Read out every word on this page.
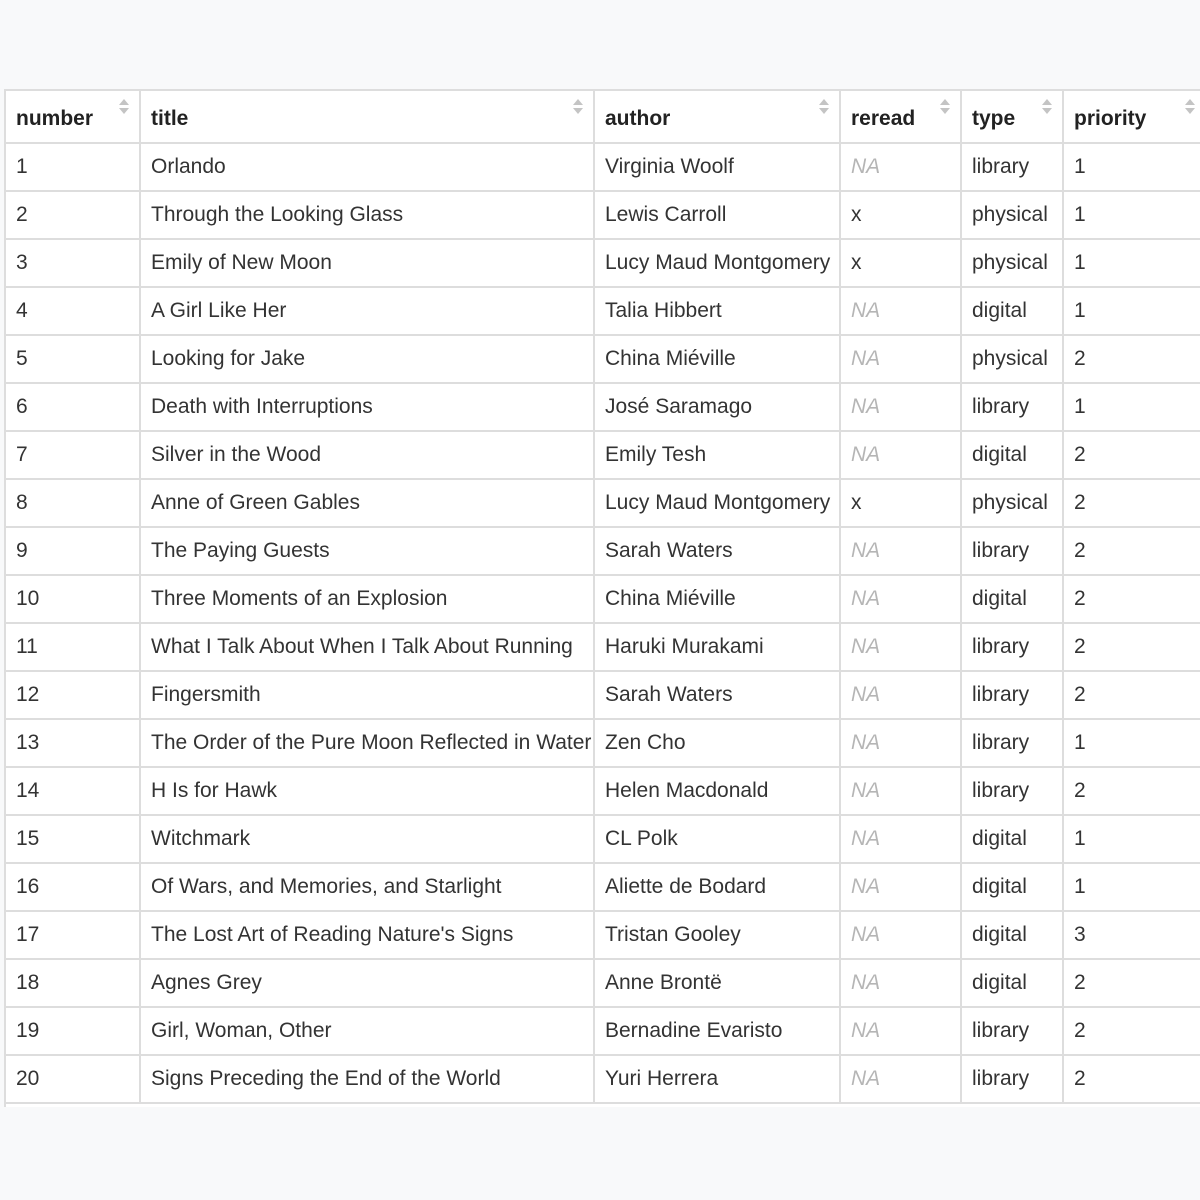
number	title	author	reread	type	priority

1	Orlando	Virginia Woolf	NA	library	1
2	Through the Looking Glass	Lewis Carroll	x	physical	1
3	Emily of New Moon	Lucy Maud Montgomery	x	physical	1
4	A Girl Like Her	Talia Hibbert	NA	digital	1
5	Looking for Jake	China Miéville	NA	physical	2
6	Death with Interruptions	José Saramago	NA	library	1
7	Silver in the Wood	Emily Tesh	NA	digital	2
8	Anne of Green Gables	Lucy Maud Montgomery	x	physical	2
9	The Paying Guests	Sarah Waters	NA	library	2
10	Three Moments of an Explosion	China Miéville	NA	digital	2
11	What I Talk About When I Talk About Running	Haruki Murakami	NA	library	2
12	Fingersmith	Sarah Waters	NA	library	2
13	The Order of the Pure Moon Reflected in Water	Zen Cho	NA	library	1
14	H Is for Hawk	Helen Macdonald	NA	library	2
15	Witchmark	CL Polk	NA	digital	1
16	Of Wars, and Memories, and Starlight	Aliette de Bodard	NA	digital	1
17	The Lost Art of Reading Nature's Signs	Tristan Gooley	NA	digital	3
18	Agnes Grey	Anne Brontë	NA	digital	2
19	Girl, Woman, Other	Bernadine Evaristo	NA	library	2
20	Signs Preceding the End of the World	Yuri Herrera	NA	library	2
